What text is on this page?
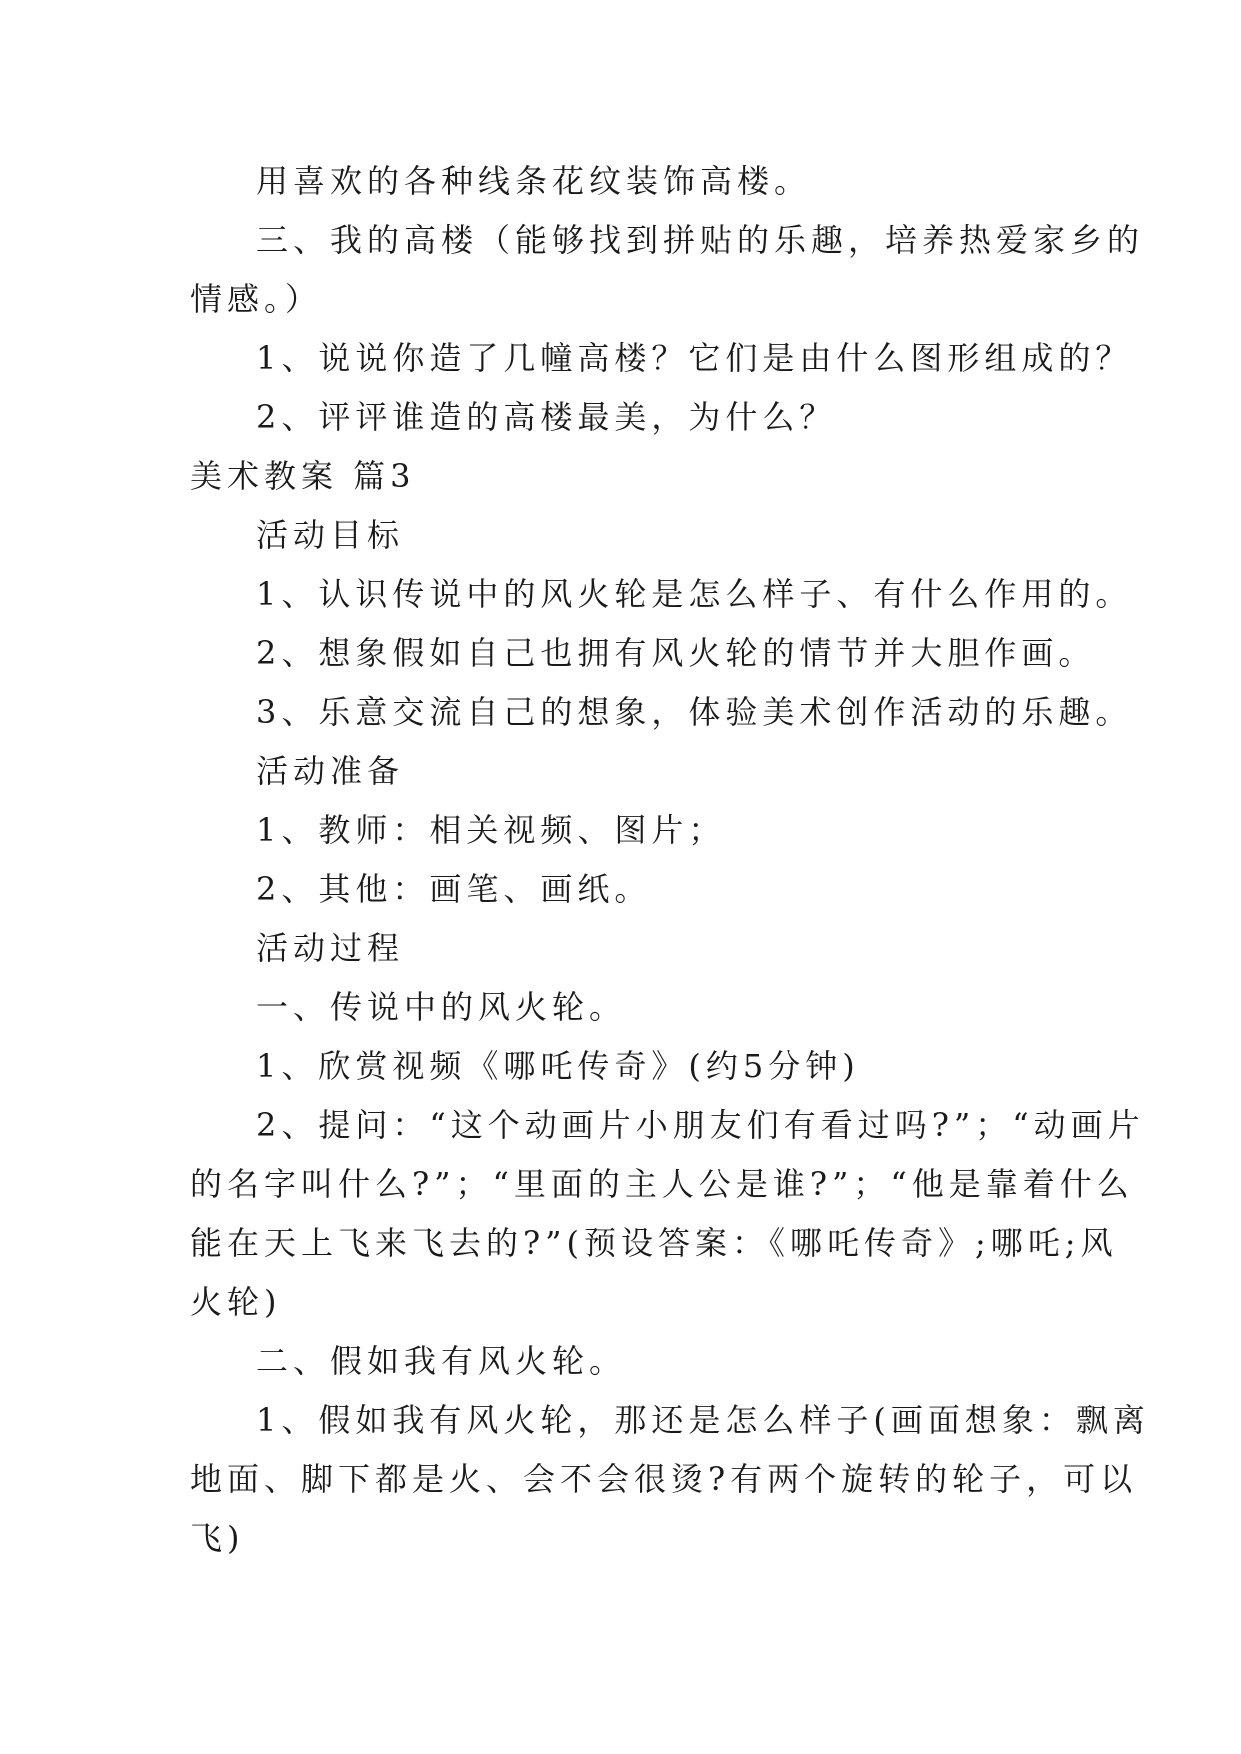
用喜欢的各种线条花纹装饰高楼。
三、我的高楼（能够找到拼贴的乐趣，培养热爱家乡的
情感。）
1、说说你造了几幢高楼？它们是由什么图形组成的？
2、评评谁造的高楼最美，为什么？
美术教案 篇3
活动目标
1、认识传说中的风火轮是怎么样子、有什么作用的。
2、想象假如自己也拥有风火轮的情节并大胆作画。
3、乐意交流自己的想象，体验美术创作活动的乐趣。
活动准备
1、教师：相关视频、图片；
2、其他：画笔、画纸。
活动过程
一、传说中的风火轮。
1、欣赏视频《哪吒传奇》(约5分钟)
2、提问：“这个动画片小朋友们有看过吗?”；“动画片
的名字叫什么?”；“里面的主人公是谁?”；“他是靠着什么
能在天上飞来飞去的?”(预设答案：《哪吒传奇》;哪吒;风
火轮)
二、假如我有风火轮。
1、假如我有风火轮，那还是怎么样子(画面想象：飘离
地面、脚下都是火、会不会很烫?有两个旋转的轮子，可以
飞)
